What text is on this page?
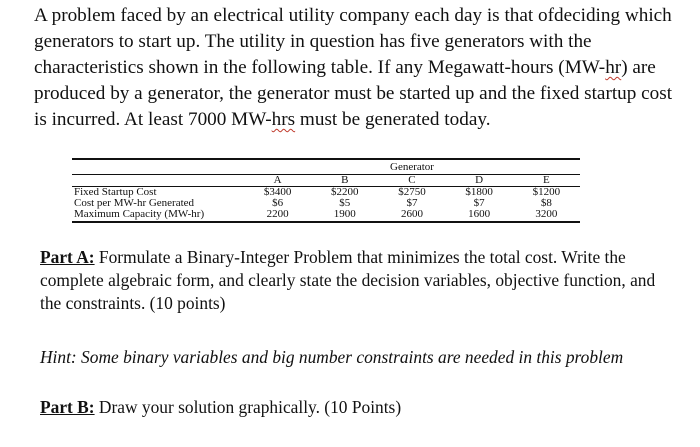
A problem faced by an electrical utility company each day is that ofdeciding which generators to start up. The utility in question has five generators with the characteristics shown in the following table. If any Megawatt-hours (MW-hr) are produced by a generator, the generator must be started up and the fixed startup cost is incurred. At least 7000 MW-hrs must be generated today.

	Generator				
	A	B	C	D	E
Fixed Startup Cost	$3400	$2200	$2750	$1800	$1200
Cost per MW-hr Generated	$6	$5	$7	$7	$8
Maximum Capacity (MW-hr)	2200	1900	2600	1600	3200

Part A: Formulate a Binary-Integer Problem that minimizes the total cost. Write the complete algebraic form, and clearly state the decision variables, objective function, and the constraints. (10 points)

Hint: Some binary variables and big number constraints are needed in this problem

Part B: Draw your solution graphically. (10 Points)
